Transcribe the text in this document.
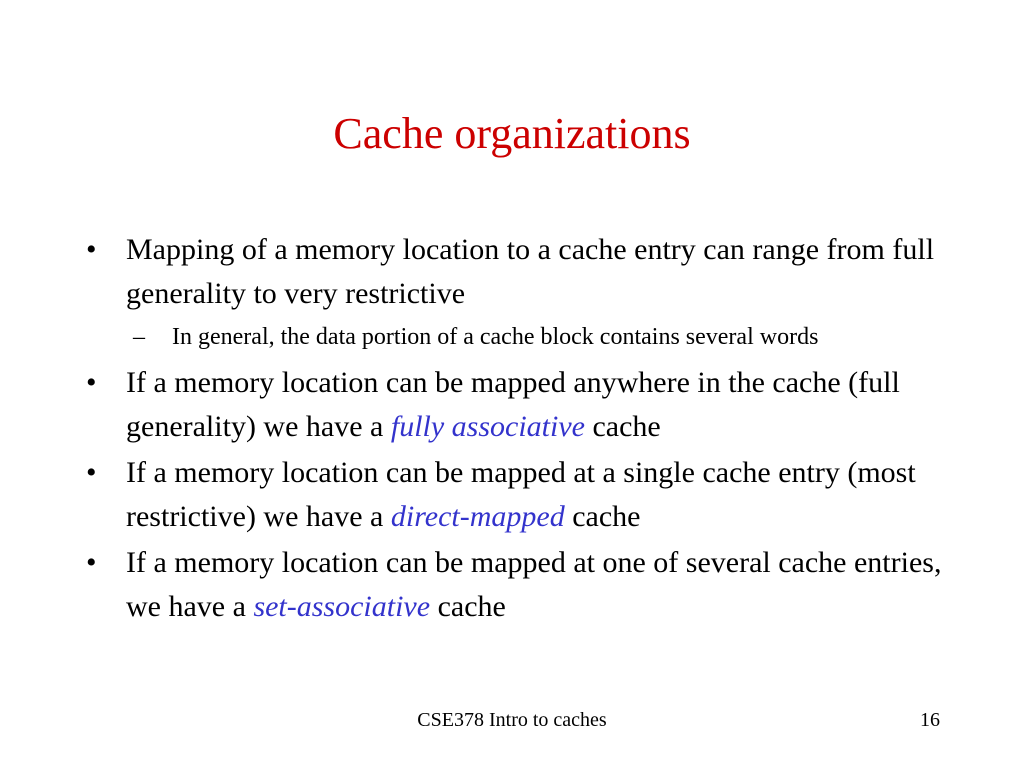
Cache organizations

• Mapping of a memory location to a cache entry can range from full generality to very restrictive

– In general, the data portion of a cache block contains several words

• If a memory location can be mapped anywhere in the cache (full generality) we have a fully associative cache

• If a memory location can be mapped at a single cache entry (most restrictive) we have a direct-mapped cache

• If a memory location can be mapped at one of several cache entries, we have a set-associative cache

CSE378 Intro to caches	16
